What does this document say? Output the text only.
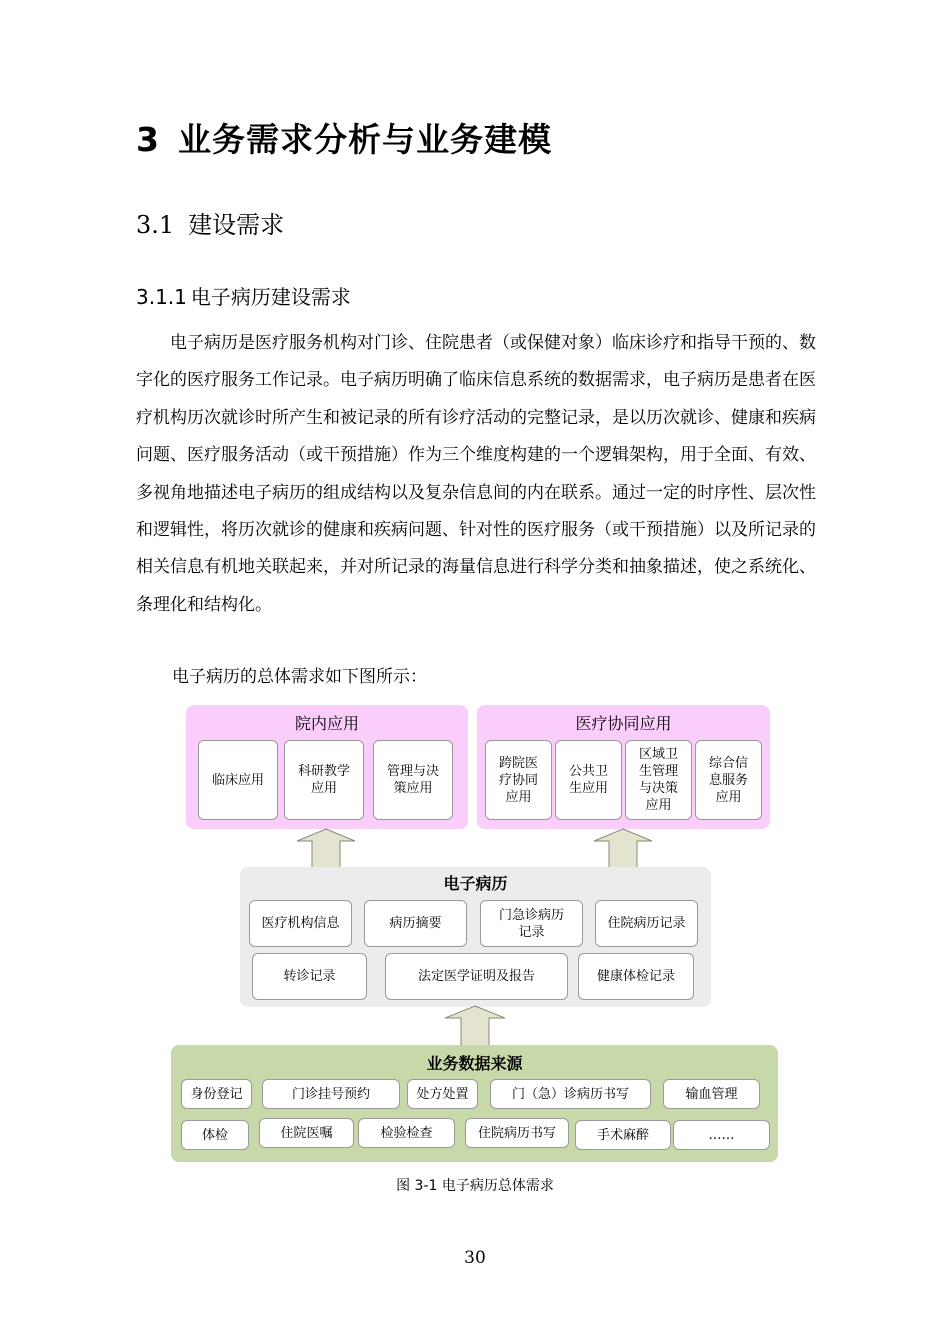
3 业务需求分析与业务建模
3.1 建设需求
3.1.1 电子病历建设需求

电子病历是医疗服务机构对门诊、住院患者（或保健对象）临床诊疗和指导干预的、数字化的医疗服务工作记录。电子病历明确了临床信息系统的数据需求，电子病历是患者在医疗机构历次就诊时所产生和被记录的所有诊疗活动的完整记录，是以历次就诊、健康和疾病问题、医疗服务活动（或干预措施）作为三个维度构建的一个逻辑架构，用于全面、有效、多视角地描述电子病历的组成结构以及复杂信息间的内在联系。通过一定的时序性、层次性和逻辑性，将历次就诊的健康和疾病问题、针对性的医疗服务（或干预措施）以及所记录的相关信息有机地关联起来，并对所记录的海量信息进行科学分类和抽象描述，使之系统化、条理化和结构化。

电子病历的总体需求如下图所示：
院内应用
临床应用
科研教学应用
管理与决策应用
医疗协同应用
跨院医疗协同应用
公共卫生应用
区域卫生管理与决策应用
综合信息服务应用
电子病历
医疗机构信息	病历摘要
门急诊病历记录
住院病历记录
转诊记录	法定医学证明及报告	健康体检记录
业务数据来源
身份登记	门诊挂号预约	处方处置	门（急）诊病历书写	输血管理
体检	住院医嘱	检验检查	住院病历书写	手术麻醉	……
图 3-1 电子病历总体需求
30
